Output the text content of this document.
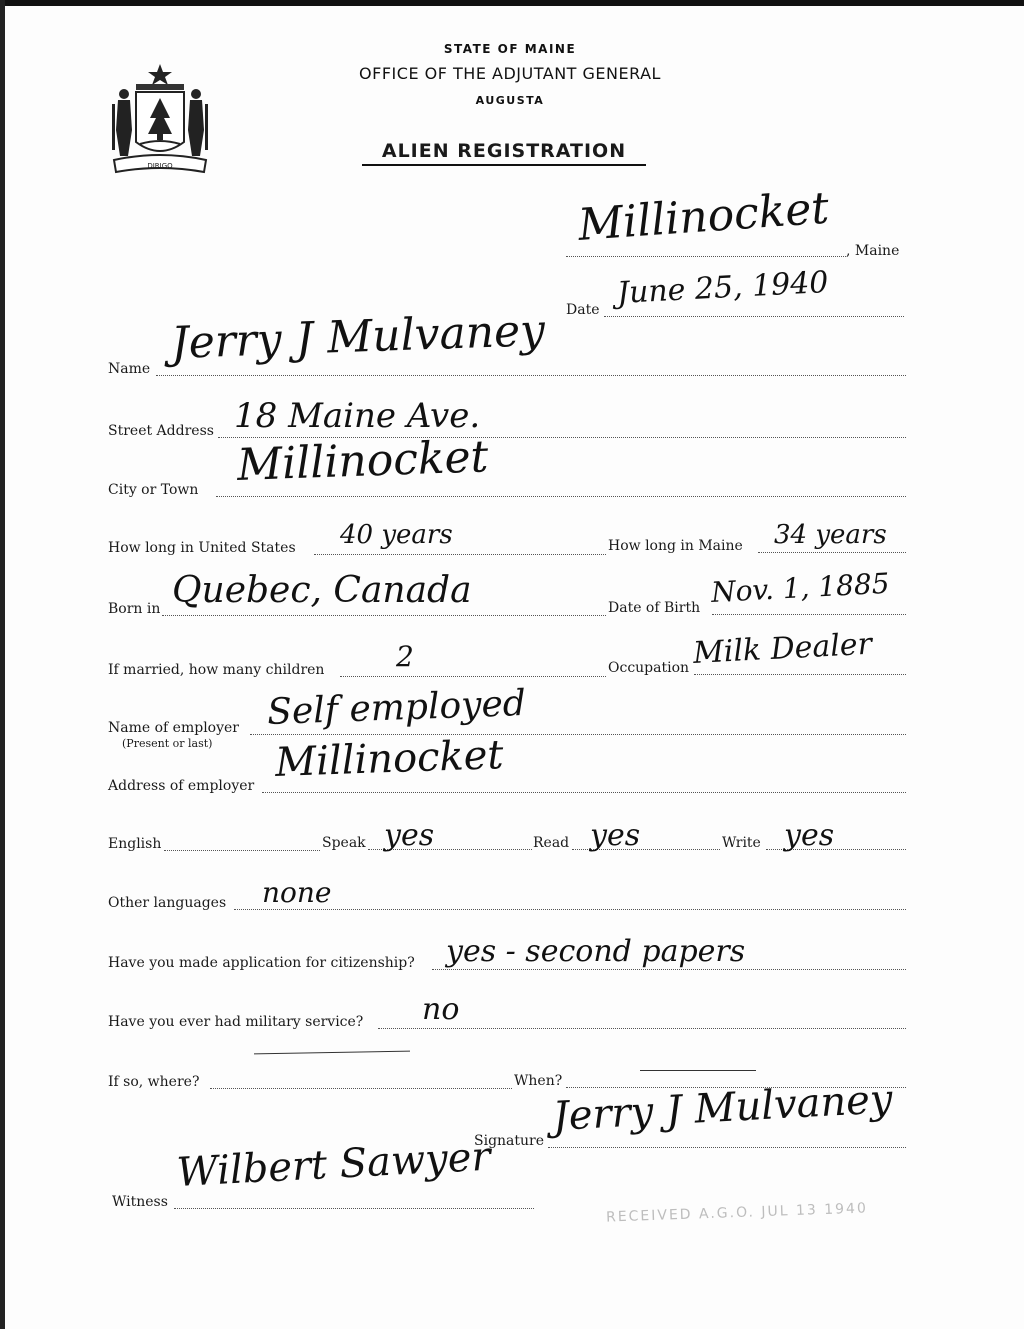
DIRIGO
STATE OF MAINE
OFFICE OF THE ADJUTANT GENERAL
AUGUSTA
ALIEN REGISTRATION
Millinocket , Maine
Date June 25, 1940
Name Jerry J Mulvaney
Street Address 18 Maine Ave.
City or Town Millinocket
How long in United States 40 years	How long in Maine 34 years
Born in Quebec, Canada	Date of Birth Nov. 1, 1885
If married, how many children	2	Occupation Milk Dealer
Name of employer
(Present or last)
Self employed
Address of employer Millinocket
English	Speak yes	Read yes	Write yes
Other languages none
Have you made application for citizenship? yes - second papers
Have you ever had military service? no
If so, where?	When?
Signature
Jerry J Mulvaney
Witness
Wilbert Sawyer
RECEIVED A.G.O. JUL 13 1940
